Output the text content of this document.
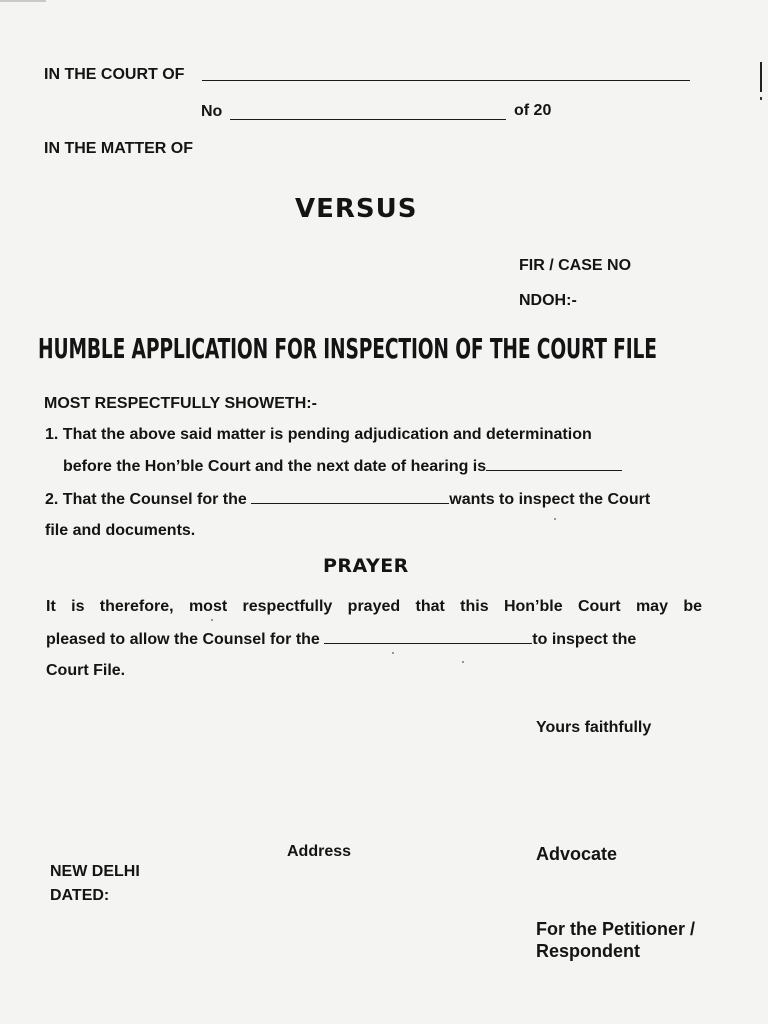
IN THE COURT OF
No	of 20
IN THE MATTER OF
VERSUS
FIR / CASE NO
NDOH:-
HUMBLE APPLICATION FOR INSPECTION OF THE COURT FILE
MOST RESPECTFULLY SHOWETH:-
1. That the above said matter is pending adjudication and determination
before the Hon’ble Court and the next date of hearing is
2. That the Counsel for the	wants to inspect the Court
file and documents.
PRAYER
It is therefore, most respectfully prayed that this Hon’ble Court may be
pleased to allow the Counsel for the	to inspect the
Court File.
Yours faithfully
Address	Advocate
NEW DELHI
DATED:
For the Petitioner /
Respondent
